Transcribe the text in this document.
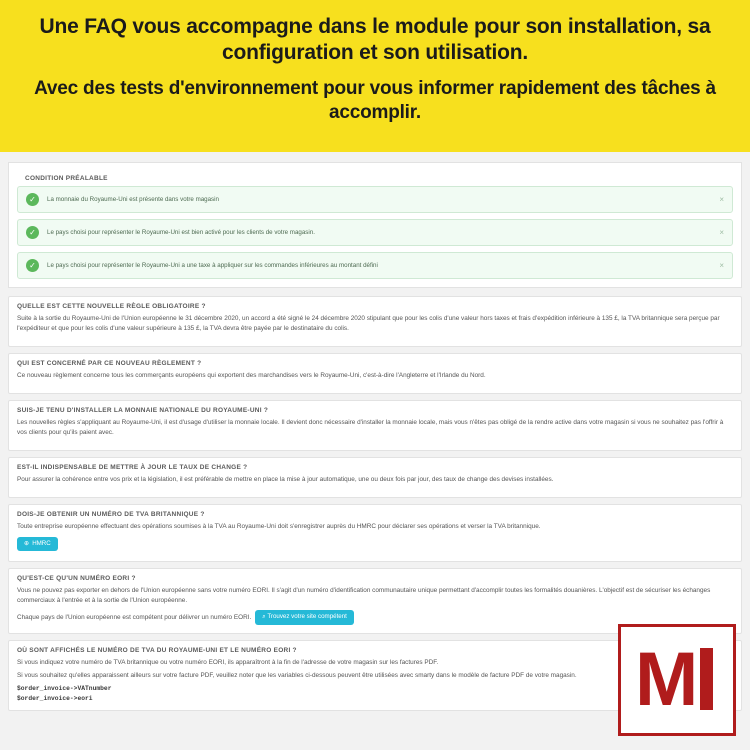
Une FAQ vous accompagne dans le module pour son installation, sa configuration et son utilisation.
Avec des tests d'environnement pour vous informer rapidement des tâches à accomplir.
CONDITION PRÉALABLE
✓	La monnaie du Royaume-Uni est présente dans votre magasin	×
✓	Le pays choisi pour représenter le Royaume-Uni est bien activé pour les clients de votre magasin.	×
✓	Le pays choisi pour représenter le Royaume-Uni a une taxe à appliquer sur les commandes inférieures au montant défini	×
QUELLE EST CETTE NOUVELLE RÈGLE OBLIGATOIRE ?

Suite à la sortie du Royaume-Uni de l'Union européenne le 31 décembre 2020, un accord a été signé le 24 décembre 2020 stipulant que pour les colis d'une valeur hors taxes et frais d'expédition inférieure à 135 £, la TVA britannique sera perçue par l'expéditeur et que pour les colis d'une valeur supérieure à 135 £, la TVA devra être payée par le destinataire du colis.

QUI EST CONCERNÉ PAR CE NOUVEAU RÈGLEMENT ?

Ce nouveau règlement concerne tous les commerçants européens qui exportent des marchandises vers le Royaume-Uni, c'est-à-dire l'Angleterre et l'Irlande du Nord.

SUIS-JE TENU D'INSTALLER LA MONNAIE NATIONALE DU ROYAUME-UNI ?

Les nouvelles règles s'appliquant au Royaume-Uni, il est d'usage d'utiliser la monnaie locale. Il devient donc nécessaire d'installer la monnaie locale, mais vous n'êtes pas obligé de la rendre active dans votre magasin si vous ne souhaitez pas l'offrir à vos clients pour qu'ils paient avec.

EST-IL INDISPENSABLE DE METTRE À JOUR LE TAUX DE CHANGE ?

Pour assurer la cohérence entre vos prix et la législation, il est préférable de mettre en place la mise à jour automatique, une ou deux fois par jour, des taux de change des devises installées.

DOIS-JE OBTENIR UN NUMÉRO DE TVA BRITANNIQUE ?

Toute entreprise européenne effectuant des opérations soumises à la TVA au Royaume-Uni doit s'enregistrer auprès du HMRC pour déclarer ses opérations et verser la TVA britannique.

⊕ HMRC
QU'EST-CE QU'UN NUMÉRO EORI ?

Vous ne pouvez pas exporter en dehors de l'Union européenne sans votre numéro EORI. Il s'agit d'un numéro d'identification communautaire unique permettant d'accomplir toutes les formalités douanières. L'objectif est de sécuriser les échanges commerciaux à l'entrée et à la sortie de l'Union européenne.

Chaque pays de l'Union européenne est compétent pour délivrer un numéro EORI. ⌕ Trouvez votre site compétent
OÙ SONT AFFICHÉS LE NUMÉRO DE TVA DU ROYAUME-UNI ET LE NUMÉRO EORI ?

Si vous indiquez votre numéro de TVA britannique ou votre numéro EORI, ils apparaîtront à la fin de l'adresse de votre magasin sur les factures PDF.

Si vous souhaitez qu'elles apparaissent ailleurs sur votre facture PDF, veuillez noter que les variables ci-dessous peuvent être utilisées avec smarty dans le modèle de facture PDF de votre magasin.

$order_invoice->VATnumber
$order_invoice->eori	M
